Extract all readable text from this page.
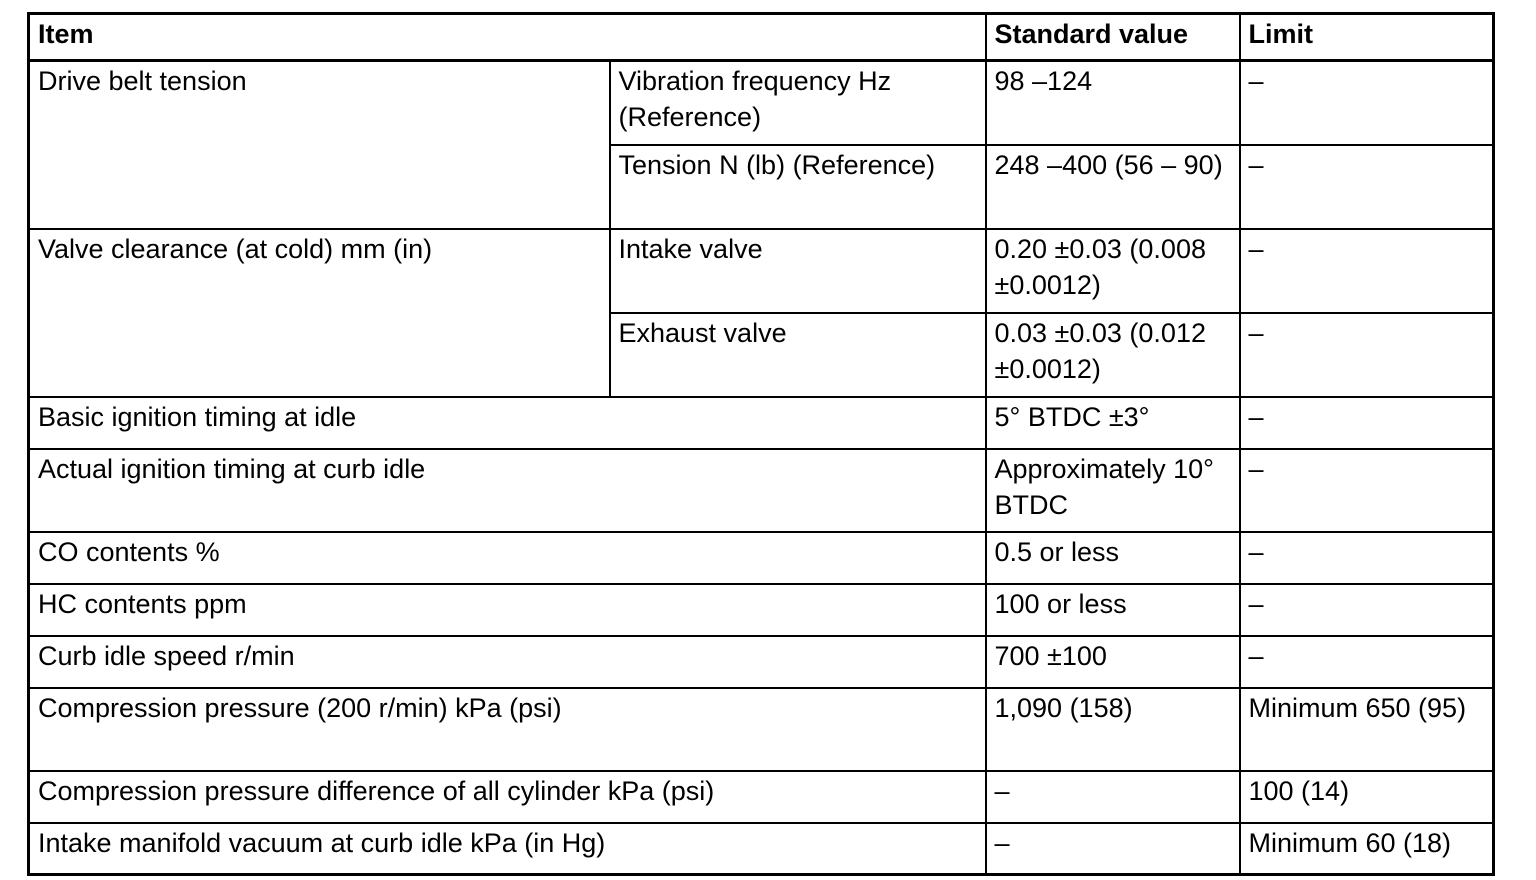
Item		Standard value	Limit
Drive belt tension	Vibration frequency Hz (Reference)	98 –124	–
	Tension N (lb) (Reference)	248 –400 (56 – 90)	–
Valve clearance (at cold) mm (in)	Intake valve	0.20 ±0.03 (0.008 ±0.0012)	–
	Exhaust valve	0.03 ±0.03 (0.012 ±0.0012)	–
Basic ignition timing at idle		5° BTDC ±3°	–
Actual ignition timing at curb idle		Approximately 10° BTDC	–
CO contents %		0.5 or less	–
HC contents ppm		100 or less	–
Curb idle speed r/min		700 ±100	–
Compression pressure (200 r/min) kPa (psi)		1,090 (158)	Minimum 650 (95)
Compression pressure difference of all cylinder kPa (psi)		–	100 (14)
Intake manifold vacuum at curb idle kPa (in Hg)		–	Minimum 60 (18)
